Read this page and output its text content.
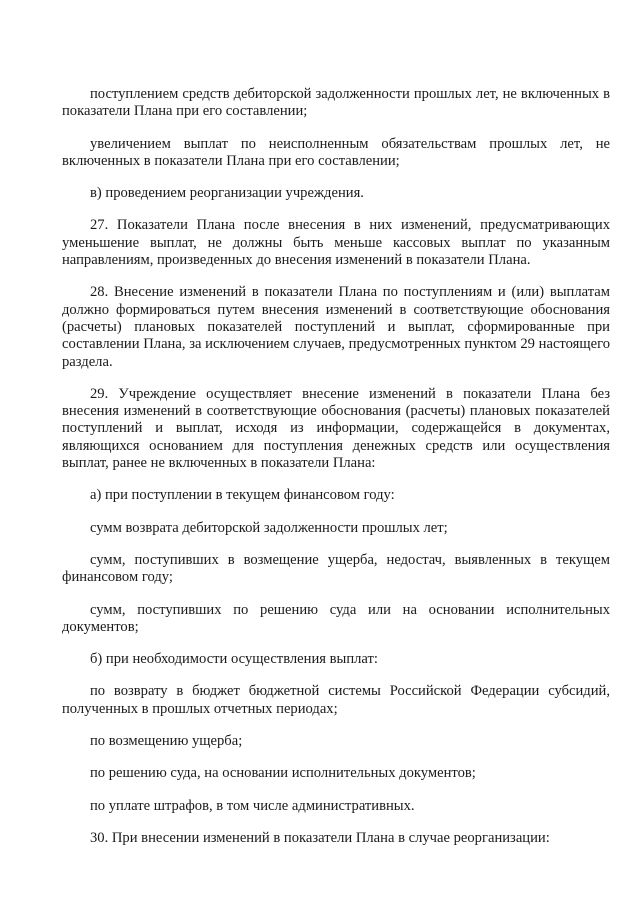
поступлением средств дебиторской задолженности прошлых лет, не включенных в показатели Плана при его составлении;

увеличением выплат по неисполненным обязательствам прошлых лет, не включенных в показатели Плана при его составлении;

в) проведением реорганизации учреждения.

27. Показатели Плана после внесения в них изменений, предусматривающих уменьшение выплат, не должны быть меньше кассовых выплат по указанным направлениям, произведенных до внесения изменений в показатели Плана.

28. Внесение изменений в показатели Плана по поступлениям и (или) выплатам должно формироваться путем внесения изменений в соответствующие обоснования (расчеты) плановых показателей поступлений и выплат, сформированные при составлении Плана, за исключением случаев, предусмотренных пунктом 29 настоящего раздела.

29. Учреждение осуществляет внесение изменений в показатели Плана без внесения изменений в соответствующие обоснования (расчеты) плановых показателей поступлений и выплат, исходя из информации, содержащейся в документах, являющихся основанием для поступления денежных средств или осуществления выплат, ранее не включенных в показатели Плана:

а) при поступлении в текущем финансовом году:

сумм возврата дебиторской задолженности прошлых лет;

сумм, поступивших в возмещение ущерба, недостач, выявленных в текущем финансовом году;

сумм, поступивших по решению суда или на основании исполнительных документов;

б) при необходимости осуществления выплат:

по возврату в бюджет бюджетной системы Российской Федерации субсидий, полученных в прошлых отчетных периодах;

по возмещению ущерба;

по решению суда, на основании исполнительных документов;

по уплате штрафов, в том числе административных.

30. При внесении изменений в показатели Плана в случае реорганизации:
